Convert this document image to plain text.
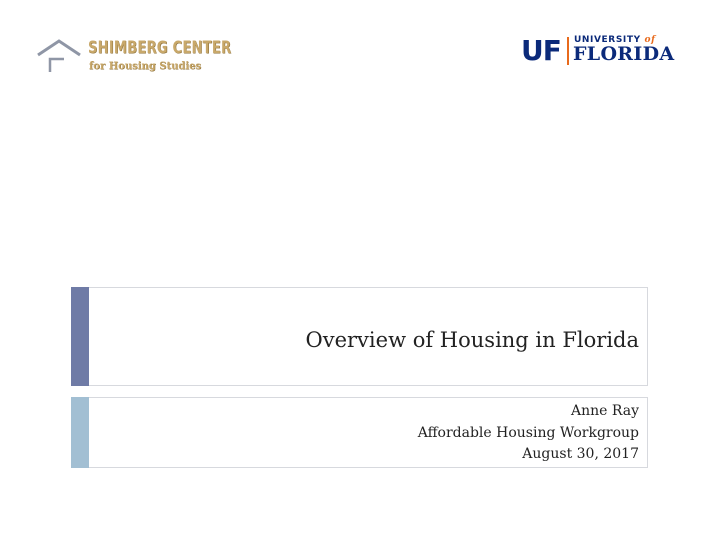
SHIMBERG CENTER
for Housing Studies	UF UNIVERSITY of
FLORIDA
Overview of Housing in Florida
Anne Ray
Affordable Housing Workgroup
August 30, 2017
